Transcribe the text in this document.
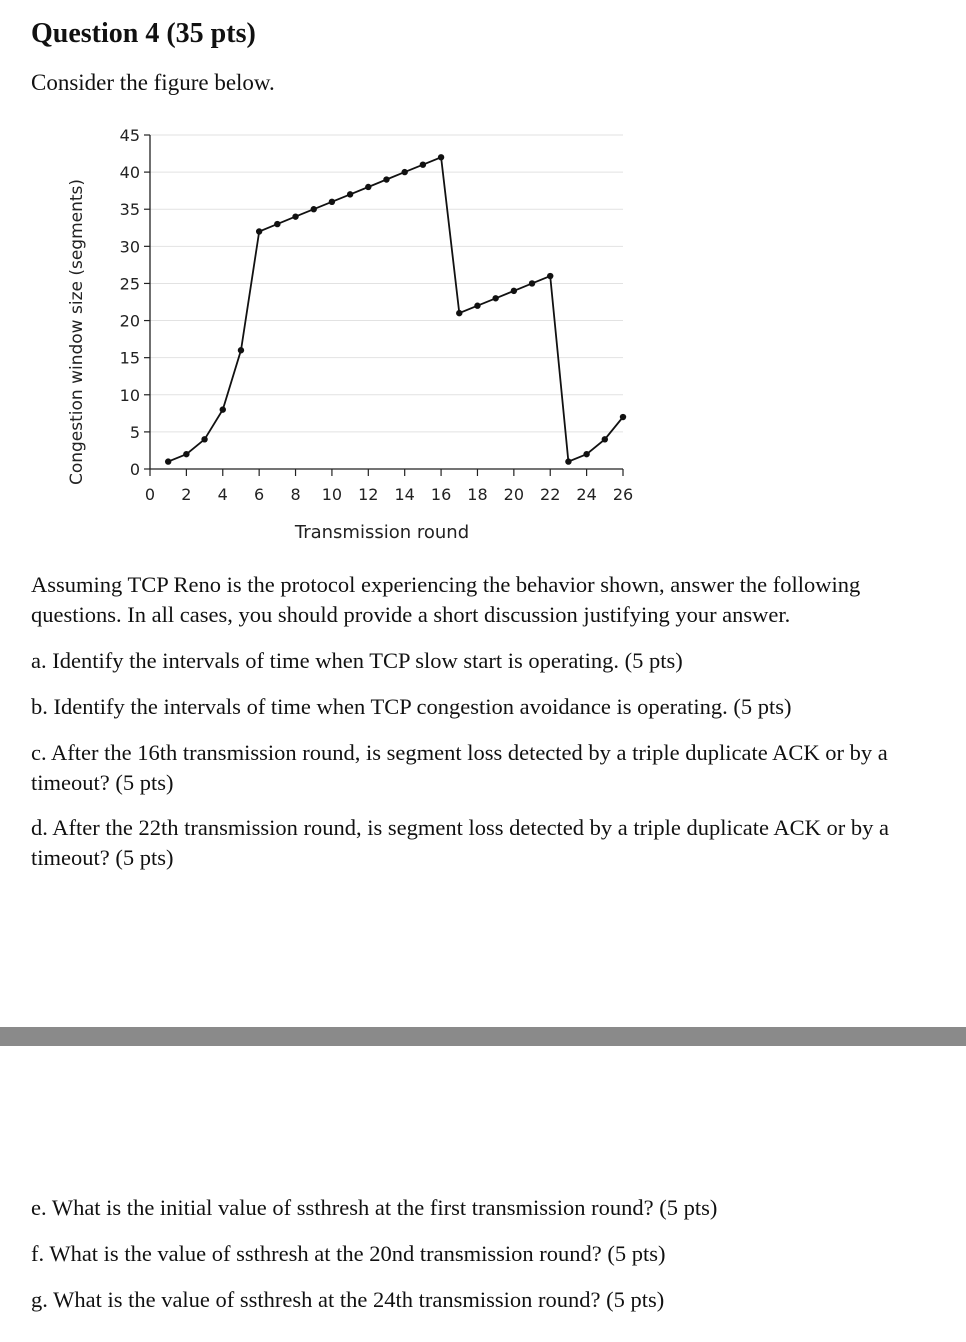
Question 4 (35 pts)
Consider the figure below.
0 2 4 6 8 10 12 14 16 18 20 22 24 26
0
5
10
15
20
25
30
35
40
45
Transmission round
Congestion window size (segments)
Assuming TCP Reno is the protocol experiencing the behavior shown, answer the following questions. In all cases, you should provide a short discussion justifying your answer.
a. Identify the intervals of time when TCP slow start is operating. (5 pts)
b. Identify the intervals of time when TCP congestion avoidance is operating. (5 pts)
c. After the 16th transmission round, is segment loss detected by a triple duplicate ACK or by a timeout? (5 pts)
d. After the 22th transmission round, is segment loss detected by a triple duplicate ACK or by a timeout? (5 pts)
e. What is the initial value of ssthresh at the first transmission round? (5 pts)
f. What is the value of ssthresh at the 20nd transmission round? (5 pts)
g. What is the value of ssthresh at the 24th transmission round? (5 pts)
